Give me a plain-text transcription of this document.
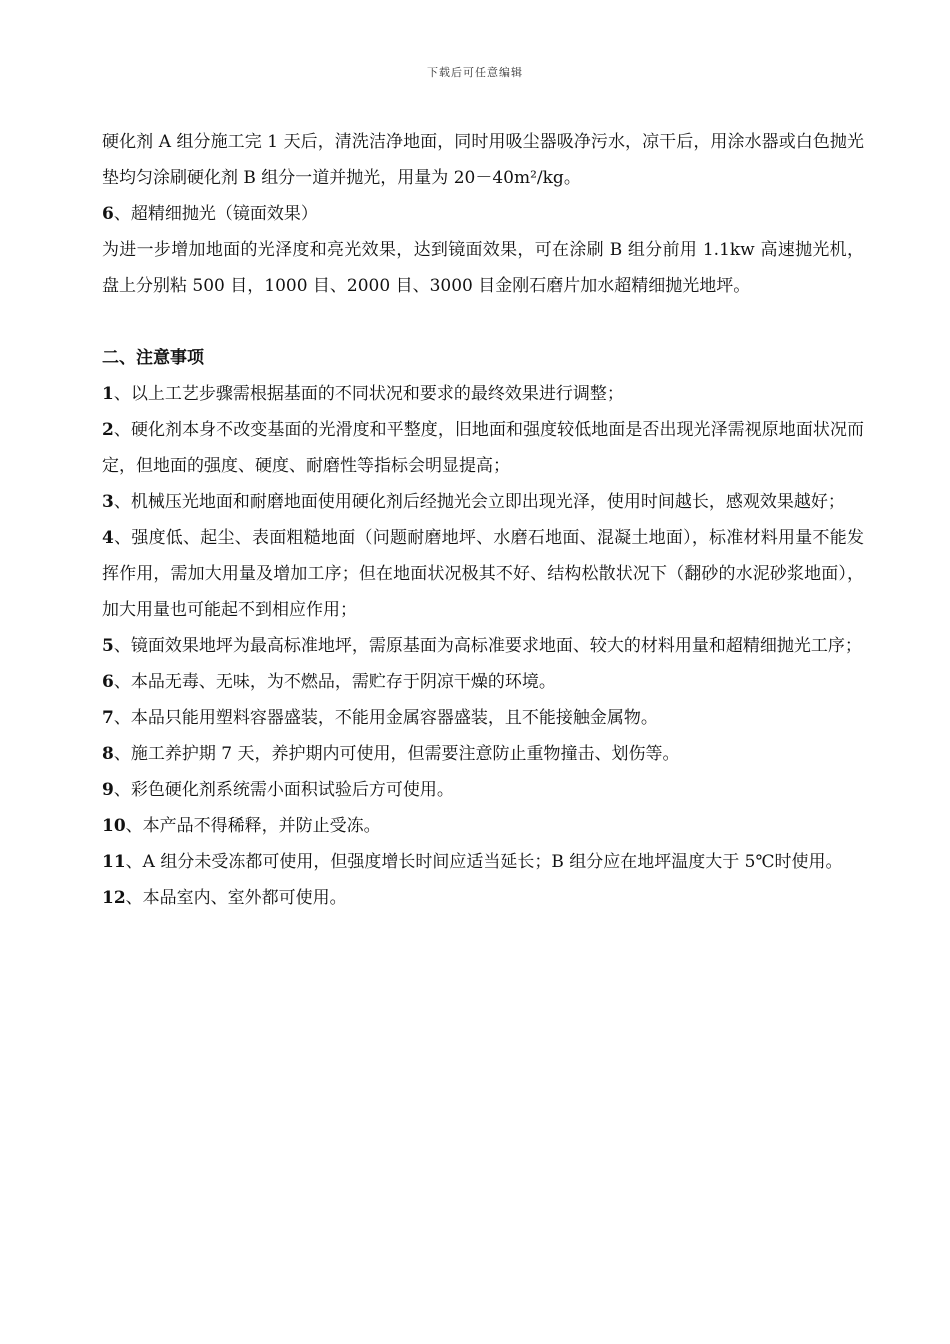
下载后可任意编辑

硬化剂 A 组分施工完 1 天后，清洗洁净地面，同时用吸尘器吸净污水，凉干后，用涂水器或白色抛光垫均匀涂刷硬化剂 B 组分一道并抛光，用量为 20－40m²/kg。

6、超精细抛光（镜面效果）

为进一步增加地面的光泽度和亮光效果，达到镜面效果，可在涂刷 B 组分前用 1.1kw 高速抛光机，盘上分别粘 500 目，1000 目、2000 目、3000 目金刚石磨片加水超精细抛光地坪。

二、注意事项

1、以上工艺步骤需根据基面的不同状况和要求的最终效果进行调整；

2、硬化剂本身不改变基面的光滑度和平整度，旧地面和强度较低地面是否出现光泽需视原地面状况而定，但地面的强度、硬度、耐磨性等指标会明显提高；

3、机械压光地面和耐磨地面使用硬化剂后经抛光会立即出现光泽，使用时间越长，感观效果越好；

4、强度低、起尘、表面粗糙地面（问题耐磨地坪、水磨石地面、混凝土地面），标准材料用量不能发挥作用，需加大用量及增加工序；但在地面状况极其不好、结构松散状况下（翻砂的水泥砂浆地面），加大用量也可能起不到相应作用；

5、镜面效果地坪为最高标准地坪，需原基面为高标准要求地面、较大的材料用量和超精细抛光工序；

6、本品无毒、无味，为不燃品，需贮存于阴凉干燥的环境。

7、本品只能用塑料容器盛装，不能用金属容器盛装，且不能接触金属物。

8、施工养护期 7 天，养护期内可使用，但需要注意防止重物撞击、划伤等。

9、彩色硬化剂系统需小面积试验后方可使用。

10、本产品不得稀释，并防止受冻。

11、A 组分未受冻都可使用，但强度增长时间应适当延长；B 组分应在地坪温度大于 5℃时使用。

12、本品室内、室外都可使用。
